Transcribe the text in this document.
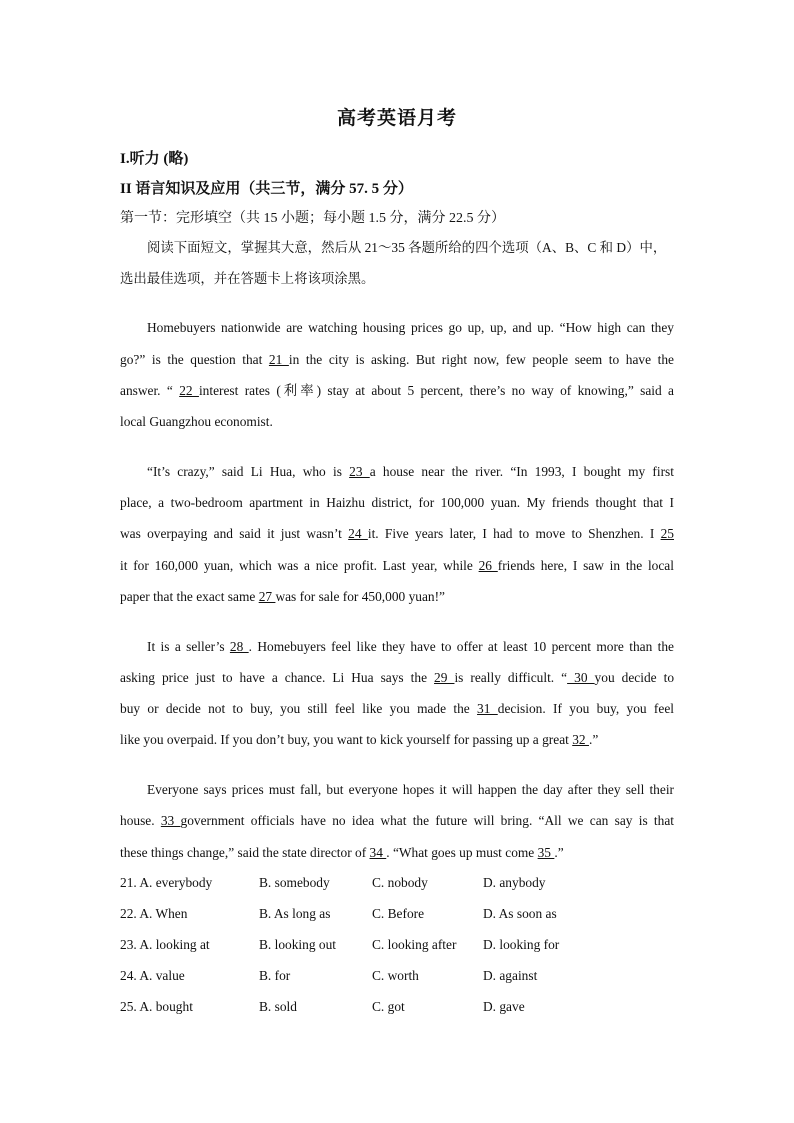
高考英语月考
I.听力 (略)
II 语言知识及应用（共三节，满分 57. 5 分）
第一节：完形填空（共 15 小题；每小题 1.5 分，满分 22.5 分）
阅读下面短文，掌握其大意，然后从 21～35 各题所给的四个选项（A、B、C 和 D）中，
选出最佳选项，并在答题卡上将该项涂黑。
Homebuyers nationwide are watching housing prices go up, up, and up. “How high can they
go?” is the question that 21 in the city is asking. But right now, few people seem to have the
answer. “ 22 interest rates (利率) stay at about 5 percent, there’s no way of knowing,” said a
local Guangzhou economist.
“It’s crazy,” said Li Hua, who is 23 a house near the river. “In 1993, I bought my first
place, a two-bedroom apartment in Haizhu district, for 100,000 yuan. My friends thought that I
was overpaying and said it just wasn’t 24 it. Five years later, I had to move to Shenzhen. I 25
it for 160,000 yuan, which was a nice profit. Last year, while 26 friends here, I saw in the local
paper that the exact same 27 was for sale for 450,000 yuan!”
It is a seller’s 28 . Homebuyers feel like they have to offer at least 10 percent more than the
asking price just to have a chance. Li Hua says the 29 is really difficult. “ 30 you decide to
buy or decide not to buy, you still feel like you made the 31 decision. If you buy, you feel
like you overpaid. If you don’t buy, you want to kick yourself for passing up a great 32 .”
Everyone says prices must fall, but everyone hopes it will happen the day after they sell their
house. 33 government officials have no idea what the future will bring. “All we can say is that
these things change,” said the state director of 34 . “What goes up must come 35 .”
21. A. everybody	B. somebody	C. nobody	D. anybody
22. A. When	B. As long as	C. Before	D. As soon as
23. A. looking at	B. looking out	C. looking after D. looking for
24. A. value	B. for	C. worth	D. against
25. A. bought	B. sold	C. got	D. gave
